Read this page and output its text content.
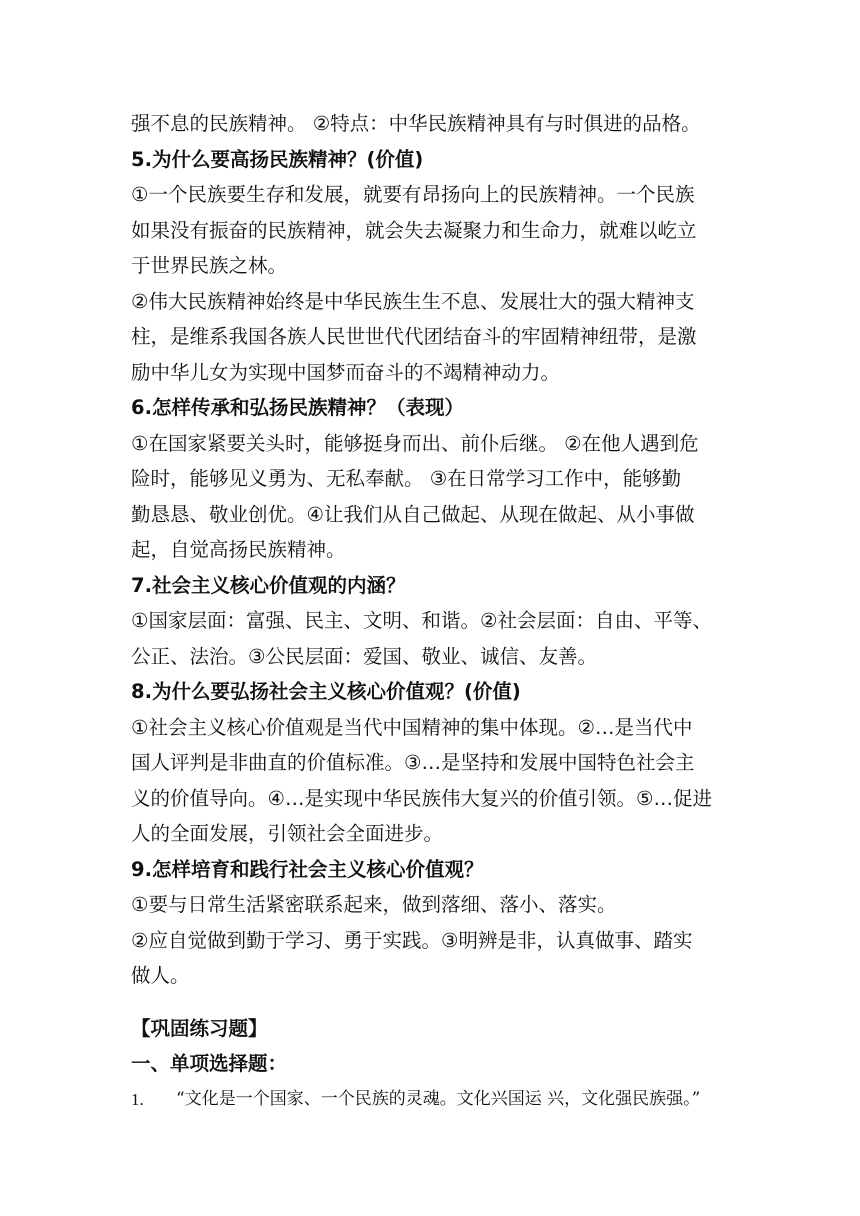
强不息的民族精神。 ②特点：中华民族精神具有与时俱进的品格。
5.为什么要高扬民族精神？(价值)
①一个民族要生存和发展，就要有昂扬向上的民族精神。一个民族
如果没有振奋的民族精神，就会失去凝聚力和生命力，就难以屹立
于世界民族之林。
②伟大民族精神始终是中华民族生生不息、发展壮大的强大精神支
柱，是维系我国各族人民世世代代团结奋斗的牢固精神纽带，是激
励中华儿女为实现中国梦而奋斗的不竭精神动力。
6.怎样传承和弘扬民族精神？（表现）
①在国家紧要关头时，能够挺身而出、前仆后继。 ②在他人遇到危
险时，能够见义勇为、无私奉献。 ③在日常学习工作中，能够勤
勤恳恳、敬业创优。④让我们从自己做起、从现在做起、从小事做
起，自觉高扬民族精神。
7.社会主义核心价值观的内涵？
①国家层面：富强、民主、文明、和谐。②社会层面：自由、平等、
公正、法治。③公民层面：爱国、敬业、诚信、友善。
8.为什么要弘扬社会主义核心价值观？(价值)
①社会主义核心价值观是当代中国精神的集中体现。②…是当代中
国人评判是非曲直的价值标准。③…是坚持和发展中国特色社会主
义的价值导向。④…是实现中华民族伟大复兴的价值引领。⑤…促进
人的全面发展，引领社会全面进步。
9.怎样培育和践行社会主义核心价值观？
①要与日常生活紧密联系起来，做到落细、落小、落实。
②应自觉做到勤于学习、勇于实践。③明辨是非，认真做事、踏实
做人。
【巩固练习题】
一、单项选择题：
1.	“文化是一个国家、一个民族的灵魂。文化兴国运 兴，文化强民族强。”
